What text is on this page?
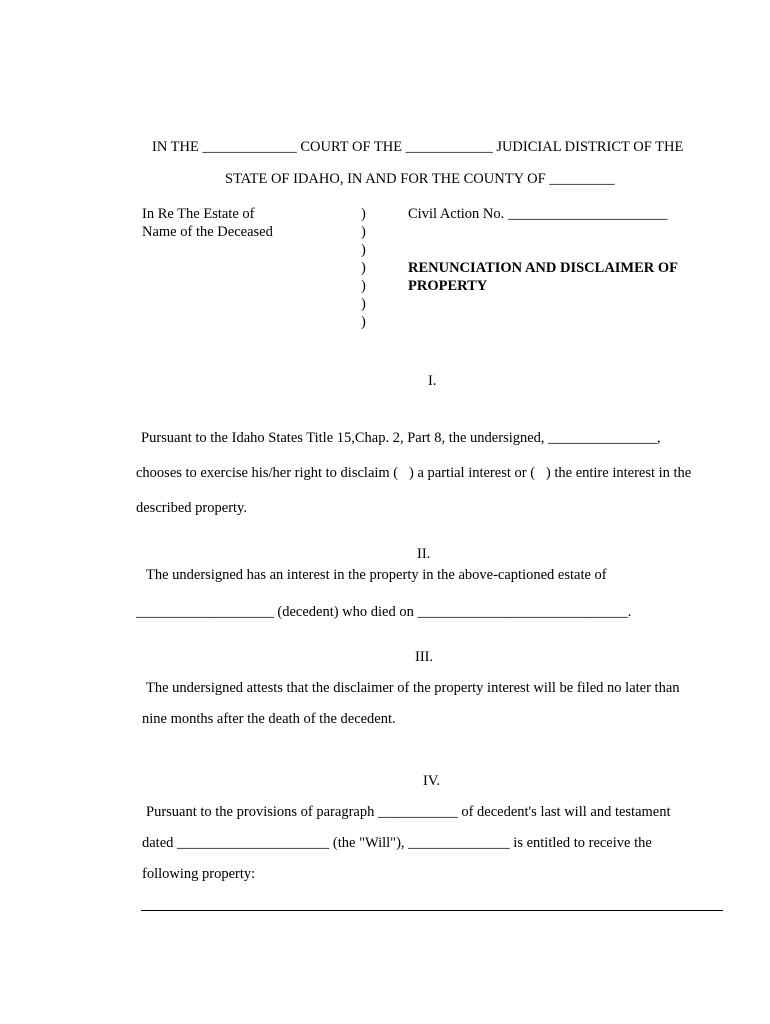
IN THE _____________ COURT OF THE ____________ JUDICIAL DISTRICT OF THE
STATE OF IDAHO, IN AND FOR THE COUNTY OF _________
In Re The Estate of
Name of the Deceased
)
)
)
)
)
)
)
Civil Action No. ______________________
RENUNCIATION AND DISCLAIMER OF
PROPERTY
I.
Pursuant to the Idaho States Title 15,Chap. 2, Part 8, the undersigned, _______________,
chooses to exercise his/her right to disclaim (   ) a partial interest or (   ) the entire interest in the
described property.
II.
The undersigned has an interest in the property in the above-captioned estate of
___________________ (decedent) who died on _____________________________.
III.
The undersigned attests that the disclaimer of the property interest will be filed no later than
nine months after the death of the decedent.
IV.
Pursuant to the provisions of paragraph ___________ of decedent's last will and testament
dated _____________________ (the "Will"), ______________ is entitled to receive the
following property:
